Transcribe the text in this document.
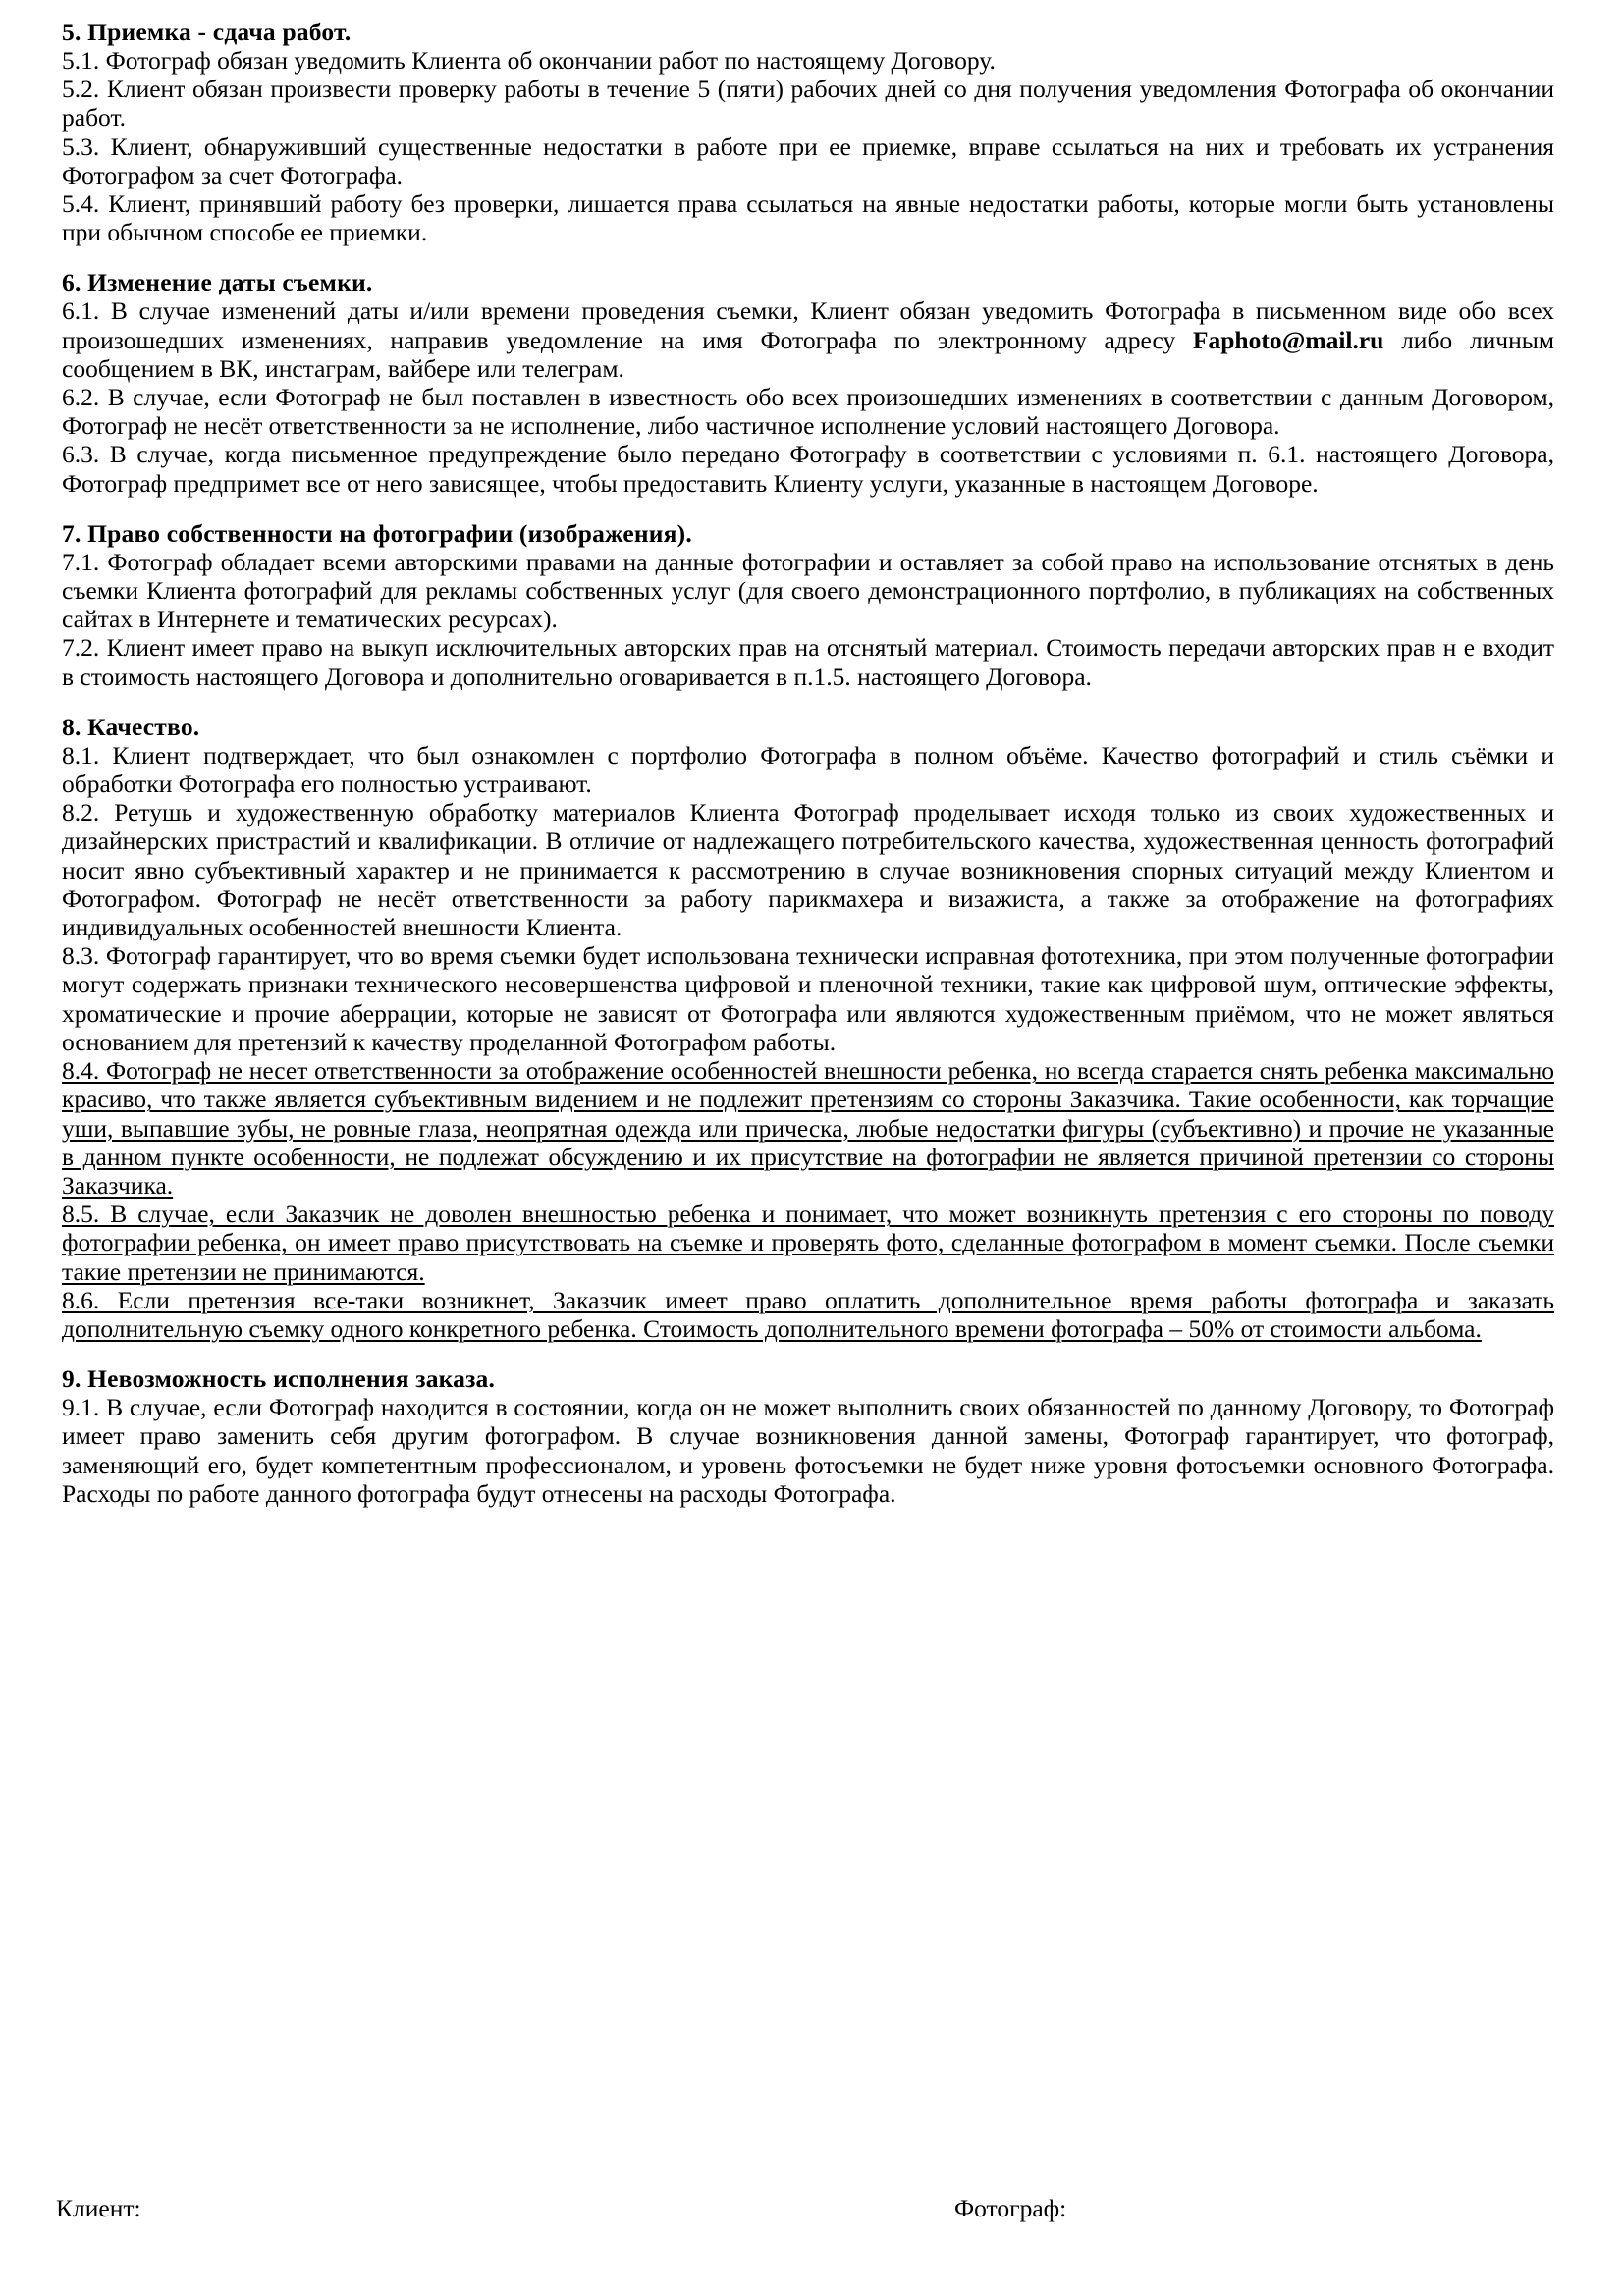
5. Приемка - сдача работ.

5.1. Фотограф обязан уведомить Клиента об окончании работ по настоящему Договору.

5.2. Клиент обязан произвести проверку работы в течение 5 (пяти) рабочих дней со дня получения уведомления Фотографа об окончании работ.

5.3. Клиент, обнаруживший существенные недостатки в работе при ее приемке, вправе ссылаться на них и требовать их устранения Фотографом за счет Фотографа.

5.4. Клиент, принявший работу без проверки, лишается права ссылаться на явные недостатки работы, которые могли быть установлены при обычном способе ее приемки.

6. Изменение даты съемки.

6.1. В случае изменений даты и/или времени проведения съемки, Клиент обязан уведомить Фотографа в письменном виде обо всех произошедших изменениях, направив уведомление на имя Фотографа по электронному адресу Faphoto@mail.ru либо личным сообщением в ВК, инстаграм, вайбере или телеграм.

6.2. В случае, если Фотограф не был поставлен в известность обо всех произошедших изменениях в соответствии с данным Договором, Фотограф не несёт ответственности за не исполнение, либо частичное исполнение условий настоящего Договора.

6.3. В случае, когда письменное предупреждение было передано Фотографу в соответствии с условиями п. 6.1. настоящего Договора, Фотограф предпримет все от него зависящее, чтобы предоставить Клиенту услуги, указанные в настоящем Договоре.

7. Право собственности на фотографии (изображения).

7.1. Фотограф обладает всеми авторскими правами на данные фотографии и оставляет за собой право на использование отснятых в день съемки Клиента фотографий для рекламы собственных услуг (для своего демонстрационного портфолио, в публикациях на собственных сайтах в Интернете и тематических ресурсах).

7.2. Клиент имеет право на выкуп исключительных авторских прав на отснятый материал. Стоимость передачи авторских прав н е входит в стоимость настоящего Договора и дополнительно оговаривается в п.1.5. настоящего Договора.

8. Качество.

8.1. Клиент подтверждает, что был ознакомлен с портфолио Фотографа в полном объёме. Качество фотографий и стиль съёмки и обработки Фотографа его полностью устраивают.

8.2. Ретушь и художественную обработку материалов Клиента Фотограф проделывает исходя только из своих художественных и дизайнерских пристрастий и квалификации. В отличие от надлежащего потребительского качества, художественная ценность фотографий носит явно субъективный характер и не принимается к рассмотрению в случае возникновения спорных ситуаций между Клиентом и Фотографом. Фотограф не несёт ответственности за работу парикмахера и визажиста, а также за отображение на фотографиях индивидуальных особенностей внешности Клиента.

8.3. Фотограф гарантирует, что во время съемки будет использована технически исправная фототехника, при этом полученные фотографии могут содержать признаки технического несовершенства цифровой и пленочной техники, такие как цифровой шум, оптические эффекты, хроматические и прочие аберрации, которые не зависят от Фотографа или являются художественным приёмом, что не может являться основанием для претензий к качеству проделанной Фотографом работы.

8.4. Фотограф не несет ответственности за отображение особенностей внешности ребенка, но всегда старается снять ребенка максимально красиво, что также является субъективным видением и не подлежит претензиям со стороны Заказчика. Такие особенности, как торчащие уши, выпавшие зубы, не ровные глаза, неопрятная одежда или прическа, любые недостатки фигуры (субъективно) и прочие не указанные в данном пункте особенности, не подлежат обсуждению и их присутствие на фотографии не является причиной претензии со стороны Заказчика.

8.5. В случае, если Заказчик не доволен внешностью ребенка и понимает, что может возникнуть претензия с его стороны по поводу фотографии ребенка, он имеет право присутствовать на съемке и проверять фото, сделанные фотографом в момент съемки. После съемки такие претензии не принимаются.

8.6. Если претензия все-таки возникнет, Заказчик имеет право оплатить дополнительное время работы фотографа и заказать дополнительную съемку одного конкретного ребенка. Стоимость дополнительного времени фотографа – 50% от стоимости альбома.

9. Невозможность исполнения заказа.

9.1. В случае, если Фотограф находится в состоянии, когда он не может выполнить своих обязанностей по данному Договору, то Фотограф имеет право заменить себя другим фотографом. В случае возникновения данной замены, Фотограф гарантирует, что фотограф, заменяющий его, будет компетентным профессионалом, и уровень фотосъемки не будет ниже уровня фотосъемки основного Фотографа. Расходы по работе данного фотографа будут отнесены на расходы Фотографа.

Клиент:	Фотограф:
